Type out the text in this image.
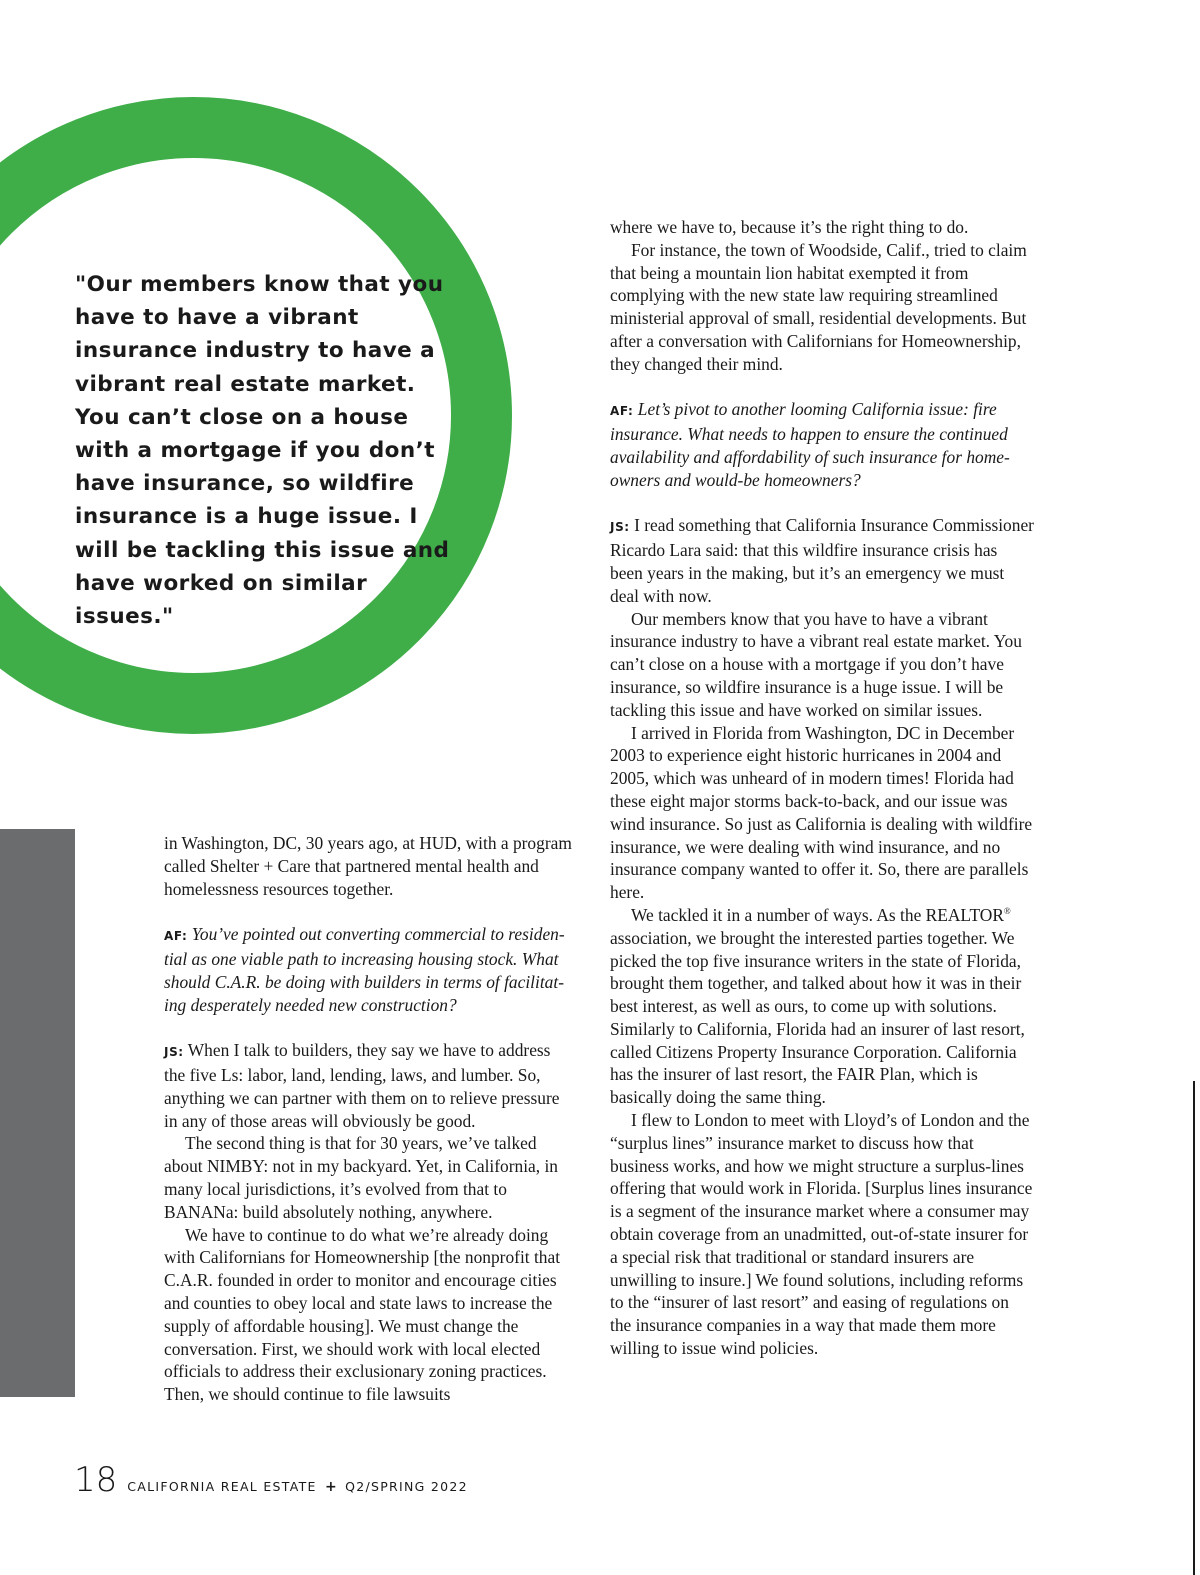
"Our members know that you have to have a vibrant insurance industry to have a vibrant real estate market. You can’t close on a house with a mortgage if you don’t have insurance, so wildfire insurance is a huge issue. I will be tackling this issue and have worked on similar issues."

in Washington, DC, 30 years ago, at HUD, with a program called Shelter + Care that partnered mental health and homelessness resources together.

AF: You’ve pointed out converting commercial to residential as one viable path to increasing housing stock. What should C.A.R. be doing with builders in terms of facilitating desperately needed new construction?

JS: When I talk to builders, they say we have to address the five Ls: labor, land, lending, laws, and lumber. So, anything we can partner with them on to relieve pressure in any of those areas will obviously be good.

The second thing is that for 30 years, we’ve talked about NIMBY: not in my backyard. Yet, in California, in many local jurisdictions, it’s evolved from that to BANANa: build absolutely nothing, anywhere.

We have to continue to do what we’re already doing with Californians for Homeownership [the nonprofit that C.A.R. founded in order to monitor and encourage cities and counties to obey local and state laws to increase the supply of affordable housing]. We must change the conversation. First, we should work with local elected officials to address their exclusionary zoning practices. Then, we should continue to file lawsuits

where we have to, because it’s the right thing to do.

For instance, the town of Woodside, Calif., tried to claim that being a mountain lion habitat exempted it from complying with the new state law requiring streamlined ministerial approval of small, residential developments. But after a conversation with Californians for Homeownership, they changed their mind.

AF: Let’s pivot to another looming California issue: fire insurance. What needs to happen to ensure the continued availability and affordability of such insurance for homeowners and would-be homeowners?

JS: I read something that California Insurance Commissioner Ricardo Lara said: that this wildfire insurance crisis has been years in the making, but it’s an emergency we must deal with now.

Our members know that you have to have a vibrant insurance industry to have a vibrant real estate market. You can’t close on a house with a mortgage if you don’t have insurance, so wildfire insurance is a huge issue. I will be tackling this issue and have worked on similar issues.

I arrived in Florida from Washington, DC in December 2003 to experience eight historic hurricanes in 2004 and 2005, which was unheard of in modern times! Florida had these eight major storms back-to-back, and our issue was wind insurance. So just as California is dealing with wildfire insurance, we were dealing with wind insurance, and no insurance company wanted to offer it. So, there are parallels here.

We tackled it in a number of ways. As the REALTOR® association, we brought the interested parties together. We picked the top five insurance writers in the state of Florida, brought them together, and talked about how it was in their best interest, as well as ours, to come up with solutions. Similarly to California, Florida had an insurer of last resort, called Citizens Property Insurance Corporation. California has the insurer of last resort, the FAIR Plan, which is basically doing the same thing.

I flew to London to meet with Lloyd’s of London and the “surplus lines” insurance market to discuss how that business works, and how we might structure a surplus-lines offering that would work in Florida. [Surplus lines insurance is a segment of the insurance market where a consumer may obtain coverage from an unadmitted, out-of-state insurer for a special risk that traditional or standard insurers are unwilling to insure.] We found solutions, including reforms to the “insurer of last resort” and easing of regulations on the insurance companies in a way that made them more willing to issue wind policies.

18 CALIFORNIA REAL ESTATE + Q2/SPRING 2022
